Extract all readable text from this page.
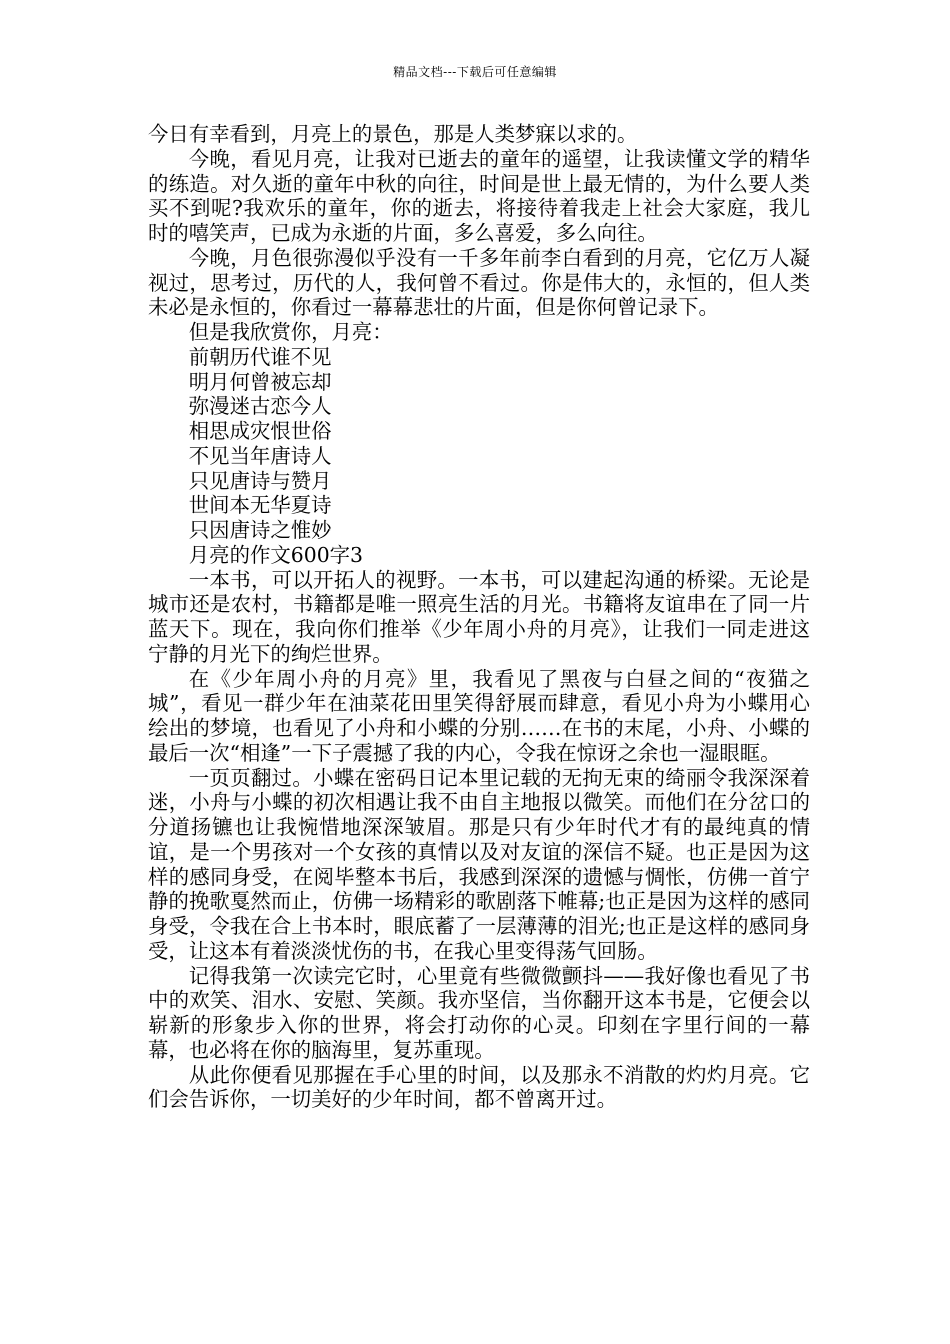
精品文档---下载后可任意编辑

今日有幸看到，月亮上的景色，那是人类梦寐以求的。

今晚，看见月亮，让我对已逝去的童年的遥望，让我读懂文学的精华的练造。对久逝的童年中秋的向往，时间是世上最无情的，为什么要人类买不到呢?我欢乐的童年，你的逝去，将接待着我走上社会大家庭，我儿时的嘻笑声，已成为永逝的片面，多么喜爱，多么向往。

今晚，月色很弥漫似乎没有一千多年前李白看到的月亮，它亿万人凝视过，思考过，历代的人，我何曾不看过。你是伟大的，永恒的，但人类未必是永恒的，你看过一幕幕悲壮的片面，但是你何曾记录下。

但是我欣赏你，月亮：
前朝历代谁不见
明月何曾被忘却
弥漫迷古恋今人
相思成灾恨世俗
不见当年唐诗人
只见唐诗与赞月
世间本无华夏诗
只因唐诗之惟妙
月亮的作文600字3

一本书，可以开拓人的视野。一本书，可以建起沟通的桥梁。无论是城市还是农村，书籍都是唯一照亮生活的月光。书籍将友谊串在了同一片蓝天下。现在，我向你们推举《少年周小舟的月亮》，让我们一同走进这宁静的月光下的绚烂世界。

在《少年周小舟的月亮》里，我看见了黑夜与白昼之间的“夜猫之城”，看见一群少年在油菜花田里笑得舒展而肆意，看见小舟为小蝶用心绘出的梦境，也看见了小舟和小蝶的分别……在书的末尾，小舟、小蝶的最后一次“相逢”一下子震撼了我的内心，令我在惊讶之余也一湿眼眶。

一页页翻过。小蝶在密码日记本里记载的无拘无束的绮丽令我深深着迷，小舟与小蝶的初次相遇让我不由自主地报以微笑。而他们在分岔口的分道扬镳也让我惋惜地深深皱眉。那是只有少年时代才有的最纯真的情谊，是一个男孩对一个女孩的真情以及对友谊的深信不疑。也正是因为这样的感同身受，在阅毕整本书后，我感到深深的遗憾与惆怅，仿佛一首宁静的挽歌戛然而止，仿佛一场精彩的歌剧落下帷幕;也正是因为这样的感同身受，令我在合上书本时，眼底蓄了一层薄薄的泪光;也正是这样的感同身受，让这本有着淡淡忧伤的书，在我心里变得荡气回肠。

记得我第一次读完它时，心里竟有些微微颤抖——我好像也看见了书中的欢笑、泪水、安慰、笑颜。我亦坚信，当你翻开这本书是，它便会以崭新的形象步入你的世界，将会打动你的心灵。印刻在字里行间的一幕幕，也必将在你的脑海里，复苏重现。

从此你便看见那握在手心里的时间，以及那永不消散的灼灼月亮。它们会告诉你，一切美好的少年时间，都不曾离开过。
